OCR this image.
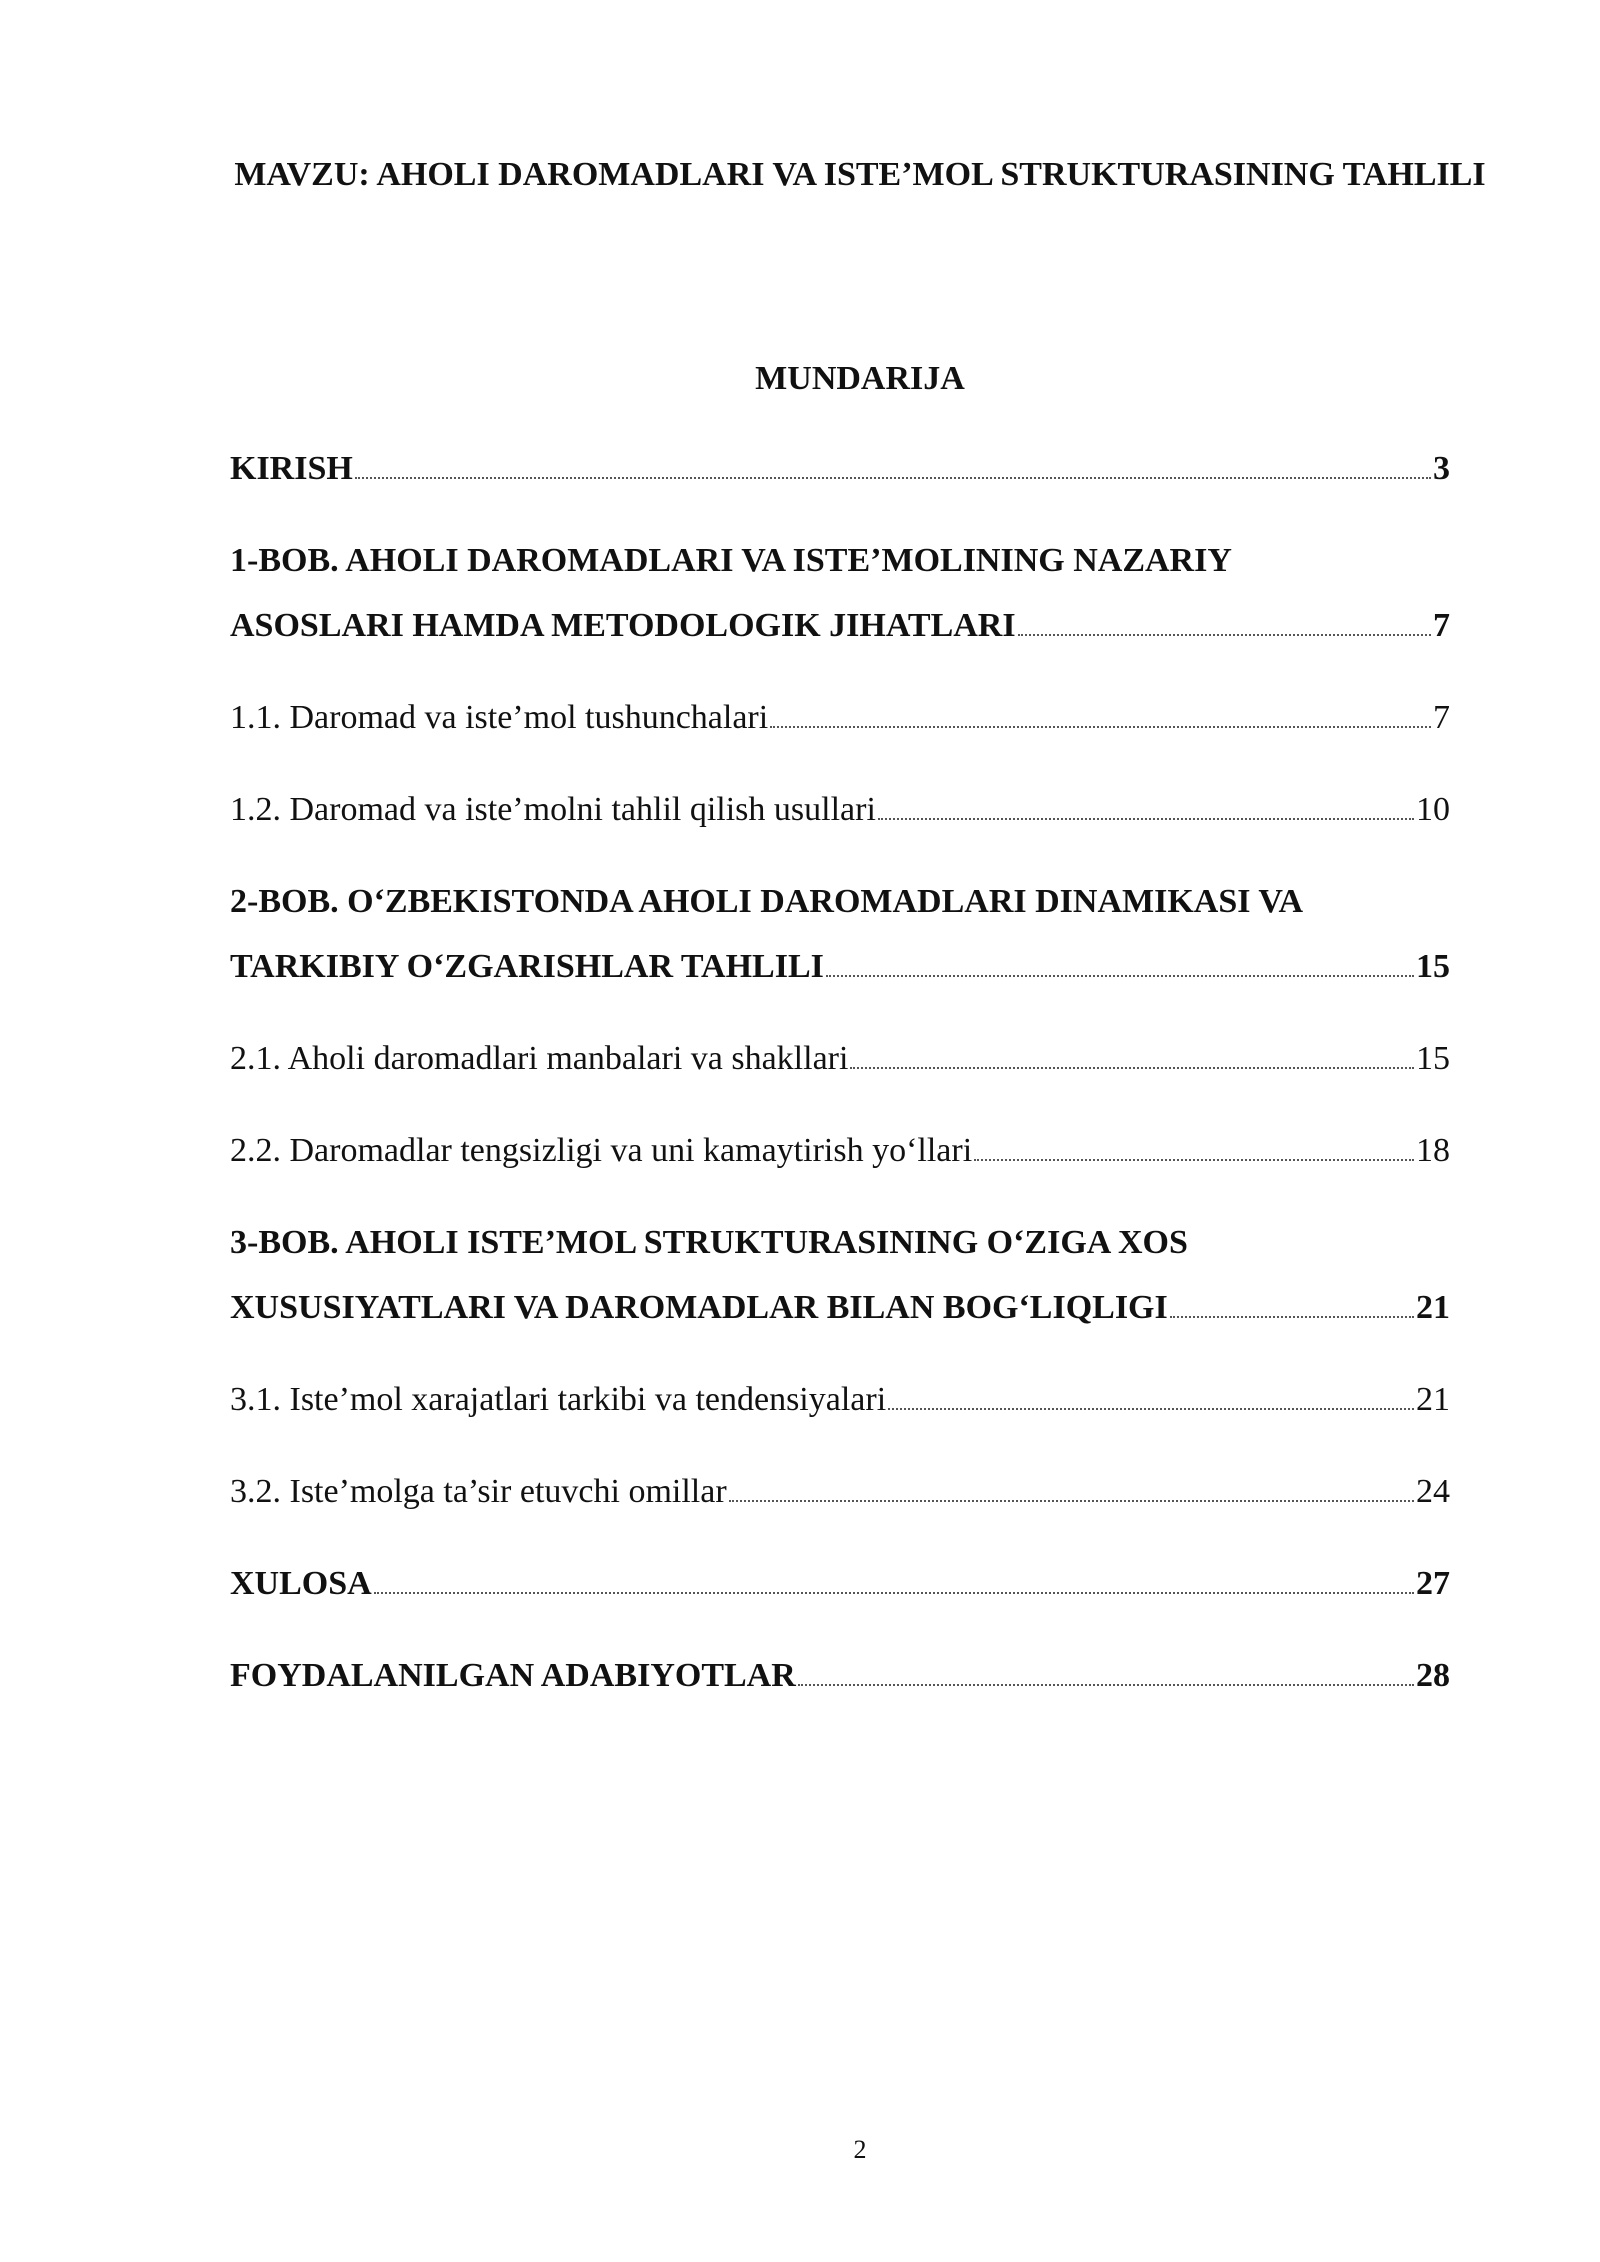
MAVZU: AHOLI DAROMADLARI VA ISTE’MOL STRUKTURASINING TAHLILI
MUNDARIJA
KIRISH	3
1-BOB. AHOLI DAROMADLARI VA ISTE’MOLINING NAZARIY
ASOSLARI HAMDA METODOLOGIK JIHATLARI	7
1.1. Daromad va iste’mol tushunchalari	7
1.2. Daromad va iste’molni tahlil qilish usullari	10
2-BOB. O‘ZBEKISTONDA AHOLI DAROMADLARI DINAMIKASI VA
TARKIBIY O‘ZGARISHLAR TAHLILI	15
2.1. Aholi daromadlari manbalari va shakllari	15
2.2. Daromadlar tengsizligi va uni kamaytirish yo‘llari	18
3-BOB. AHOLI ISTE’MOL STRUKTURASINING O‘ZIGA XOS
XUSUSIYATLARI VA DAROMADLAR BILAN BOG‘LIQLIGI	21
3.1. Iste’mol xarajatlari tarkibi va tendensiyalari	21
3.2. Iste’molga ta’sir etuvchi omillar	24
XULOSA	27
FOYDALANILGAN ADABIYOTLAR	28
2
